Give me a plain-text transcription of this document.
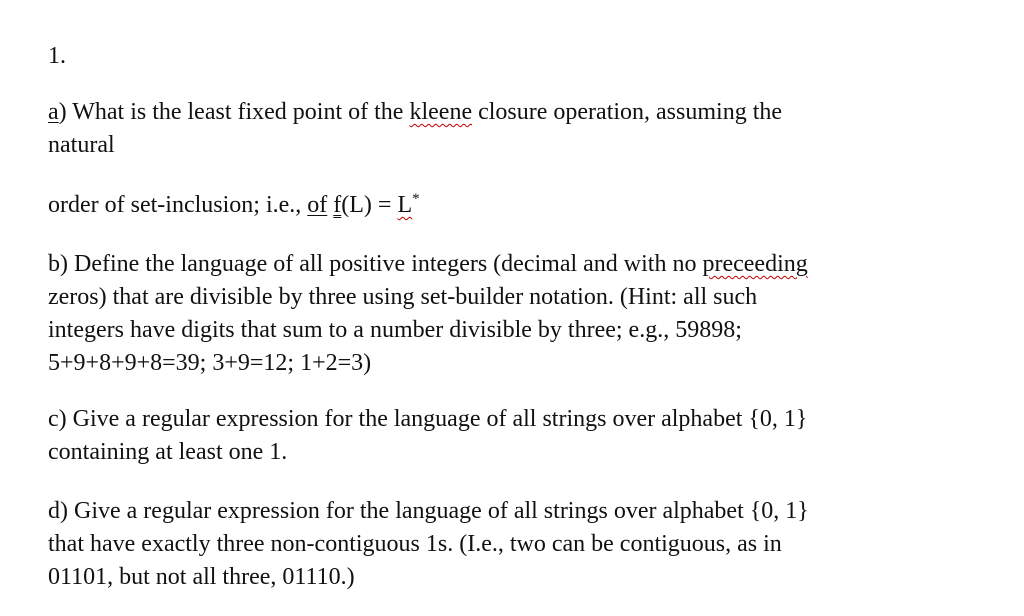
1.
a) What is the least fixed point of the kleene closure operation, assuming the
natural
order of set-inclusion; i.e., of f(L) = L*
b) Define the language of all positive integers (decimal and with no preceeding
zeros) that are divisible by three using set-builder notation. (Hint: all such
integers have digits that sum to a number divisible by three; e.g., 59898;
5+9+8+9+8=39; 3+9=12; 1+2=3)
c) Give a regular expression for the language of all strings over alphabet {0, 1}
containing at least one 1.
d) Give a regular expression for the language of all strings over alphabet {0, 1}
that have exactly three non-contiguous 1s. (I.e., two can be contiguous, as in
01101, but not all three, 01110.)
